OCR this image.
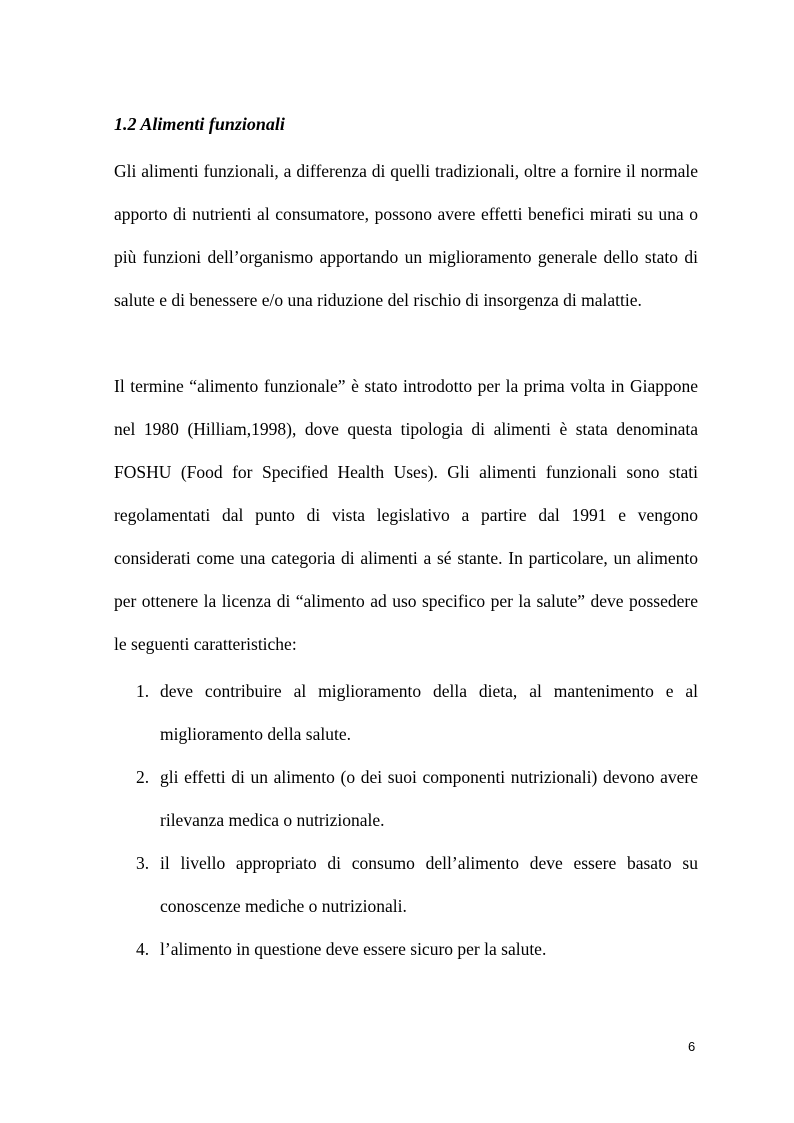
1.2 Alimenti funzionali

Gli alimenti funzionali, a differenza di quelli tradizionali, oltre a fornire il normale apporto di nutrienti al consumatore, possono avere effetti benefici mirati su una o più funzioni dell’organismo apportando un miglioramento generale dello stato di salute e di benessere e/o una riduzione del rischio di insorgenza di malattie.

Il termine “alimento funzionale” è stato introdotto per la prima volta in Giappone nel 1980 (Hilliam,1998), dove questa tipologia di alimenti è stata denominata FOSHU (Food for Specified Health Uses). Gli alimenti funzionali sono stati regolamentati dal punto di vista legislativo a partire dal 1991 e vengono considerati come una categoria di alimenti a sé stante. In particolare, un alimento per ottenere la licenza di “alimento ad uso specifico per la salute” deve possedere le seguenti caratteristiche:

1. deve contribuire al miglioramento della dieta, al mantenimento e al miglioramento della salute.
2. gli effetti di un alimento (o dei suoi componenti nutrizionali) devono avere rilevanza medica o nutrizionale.
3. il livello appropriato di consumo dell’alimento deve essere basato su conoscenze mediche o nutrizionali.
4. l’alimento in questione deve essere sicuro per la salute.
6
